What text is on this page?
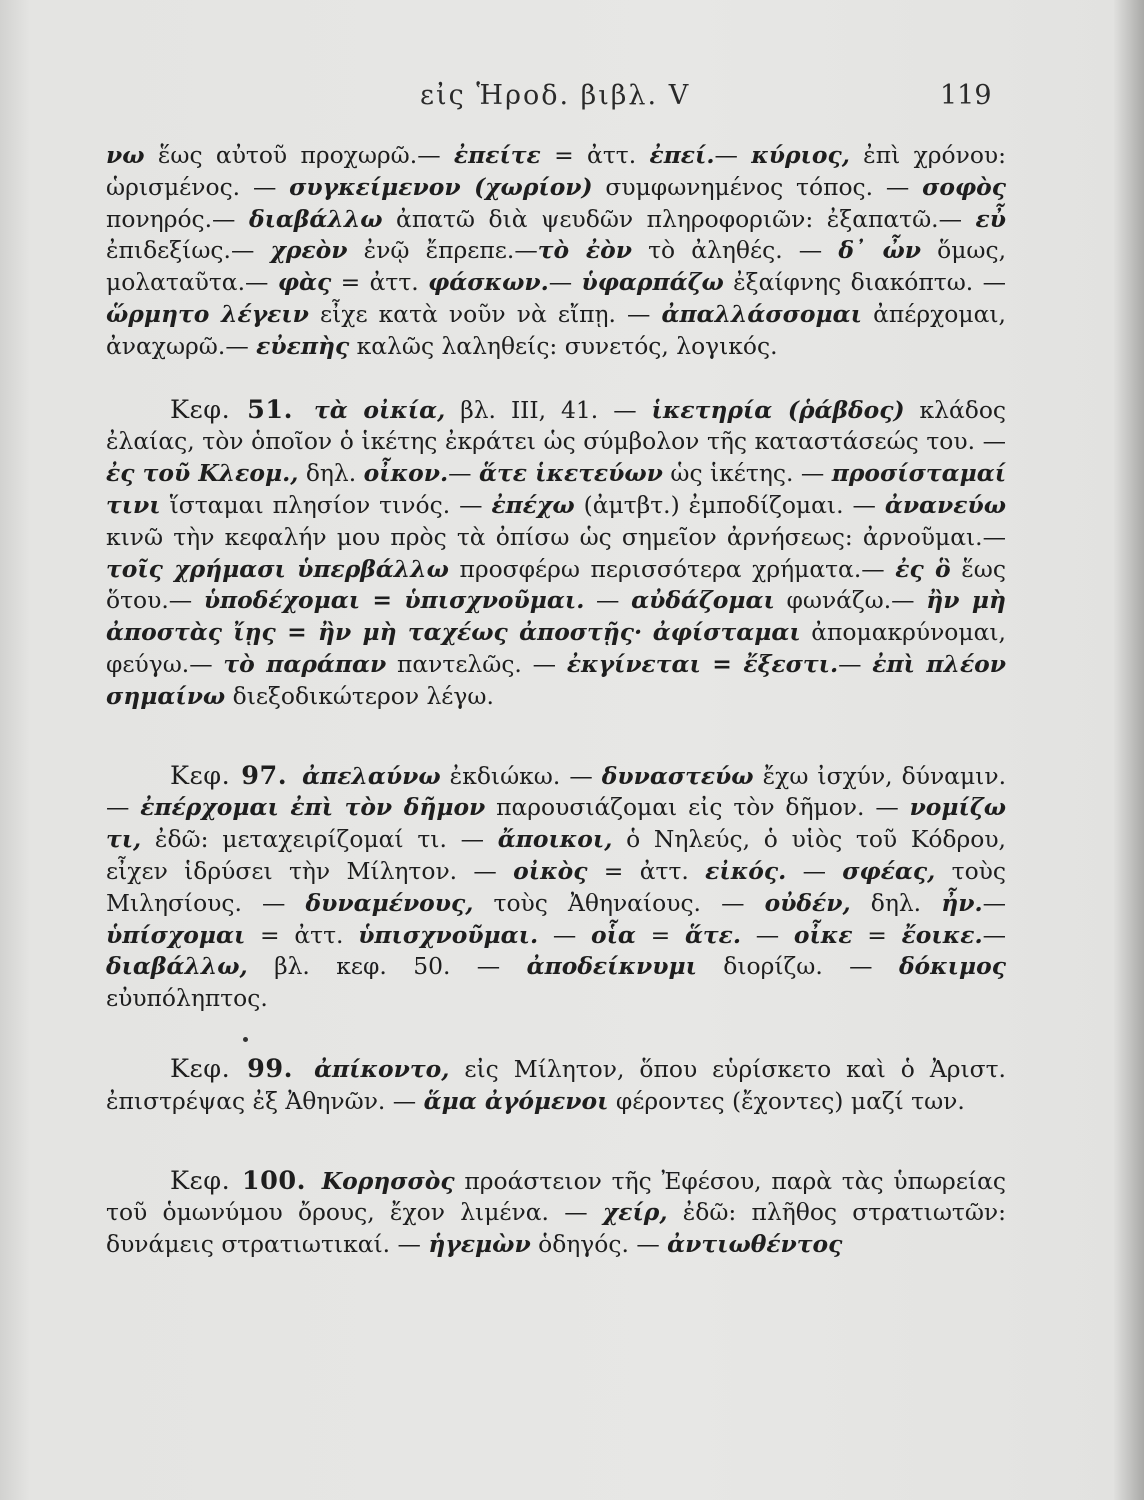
εἰς Ἡροδ. βιβλ. V	119

νω ἕως αὐτοῦ προχωρῶ.— ἐπείτε = ἀττ. ἐπεί.— κύριος, ἐπὶ χρόνου: ὡρισμένος. — συγκείμενον (χωρίον) συμφωνημένος τόπος. — σοφὸς πονηρός.— διαβάλλω ἀπατῶ διὰ ψευδῶν πληροφοριῶν: ἐξαπατῶ.— εὖ ἐπιδεξίως.— χρεὸν ἐνῷ ἔπρεπε.—τὸ ἐὸν τὸ ἀληθές. — δ᾽ ὦν ὅμως, μολαταῦτα.— φὰς = ἀττ. φάσκων.— ὑφαρπάζω ἐξαίφνης διακόπτω. — ὥρμητο λέγειν εἶχε κατὰ νοῦν νὰ εἴπῃ. — ἀπαλλάσσομαι ἀπέρχομαι, ἀναχωρῶ.— εὐεπὴς καλῶς λαληθείς: συνετός, λογικός.

Κεφ. 51. τὰ οἰκία, βλ. III, 41. — ἱκετηρία (ῥάβδος) κλάδος ἐλαίας, τὸν ὁποῖον ὁ ἱκέτης ἐκράτει ὡς σύμβολον τῆς καταστάσεώς του. — ἐς τοῦ Κλεομ., δηλ. οἶκον.— ἅτε ἱκετεύων ὡς ἱκέτης. — προσίσταμαί τινι ἵσταμαι πλησίον τινός. — ἐπέχω (ἀμτβτ.) ἐμποδίζομαι. — ἀνανεύω κινῶ τὴν κεφαλήν μου πρὸς τὰ ὀπίσω ὡς σημεῖον ἀρνήσεως: ἀρνοῦμαι.—τοῖς χρήμασι ὑπερβάλλω προσφέρω περισσότερα χρήματα.— ἐς ὃ ἕως ὅτου.— ὑποδέχομαι = ὑπισχνοῦμαι. — αὐδάζομαι φωνάζω.— ἢν μὴ ἀποστὰς ἴῃς = ἢν μὴ ταχέως ἀποστῇς· ἀφίσταμαι ἀπομακρύνομαι, φεύγω.— τὸ παράπαν παντελῶς. — ἐκγίνεται = ἔξεστι.— ἐπὶ πλέον σημαίνω διεξοδικώτερον λέγω.

Κεφ. 97. ἀπελαύνω ἐκδιώκω. — δυναστεύω ἔχω ἰσχύν, δύναμιν. — ἐπέρχομαι ἐπὶ τὸν δῆμον παρουσιάζομαι εἰς τὸν δῆμον. — νομίζω τι, ἐδῶ: μεταχειρίζομαί τι. — ἄποικοι, ὁ Νηλεύς, ὁ υἱὸς τοῦ Κόδρου, εἶχεν ἱδρύσει τὴν Μίλητον. — οἰκὸς = ἀττ. εἰκός. — σφέας, τοὺς Μιλησίους. — δυναμένους, τοὺς Ἀθηναίους. — οὐδέν, δηλ. ἦν.— ὑπίσχομαι = ἀττ. ὑπισχνοῦμαι. — οἷα = ἅτε. — οἶκε = ἔοικε.— διαβάλλω, βλ. κεφ. 50. — ἀποδείκνυμι διορίζω. — δόκιμος εὐυπόληπτος.

Κεφ. 99. ἀπίκοντο, εἰς Μίλητον, ὅπου εὑρίσκετο καὶ ὁ Ἀριστ. ἐπιστρέψας ἐξ Ἀθηνῶν. — ἅμα ἀγόμενοι φέροντες (ἔχοντες) μαζί των.

Κεφ. 100. Κορησσὸς προάστειον τῆς Ἐφέσου, παρὰ τὰς ὑπωρείας τοῦ ὁμωνύμου ὄρους, ἔχον λιμένα. — χείρ, ἐδῶ: πλῆθος στρατιωτῶν: δυνάμεις στρατιωτικαί. — ἡγεμὼν ὁδηγός. — ἀντιωθέντος
